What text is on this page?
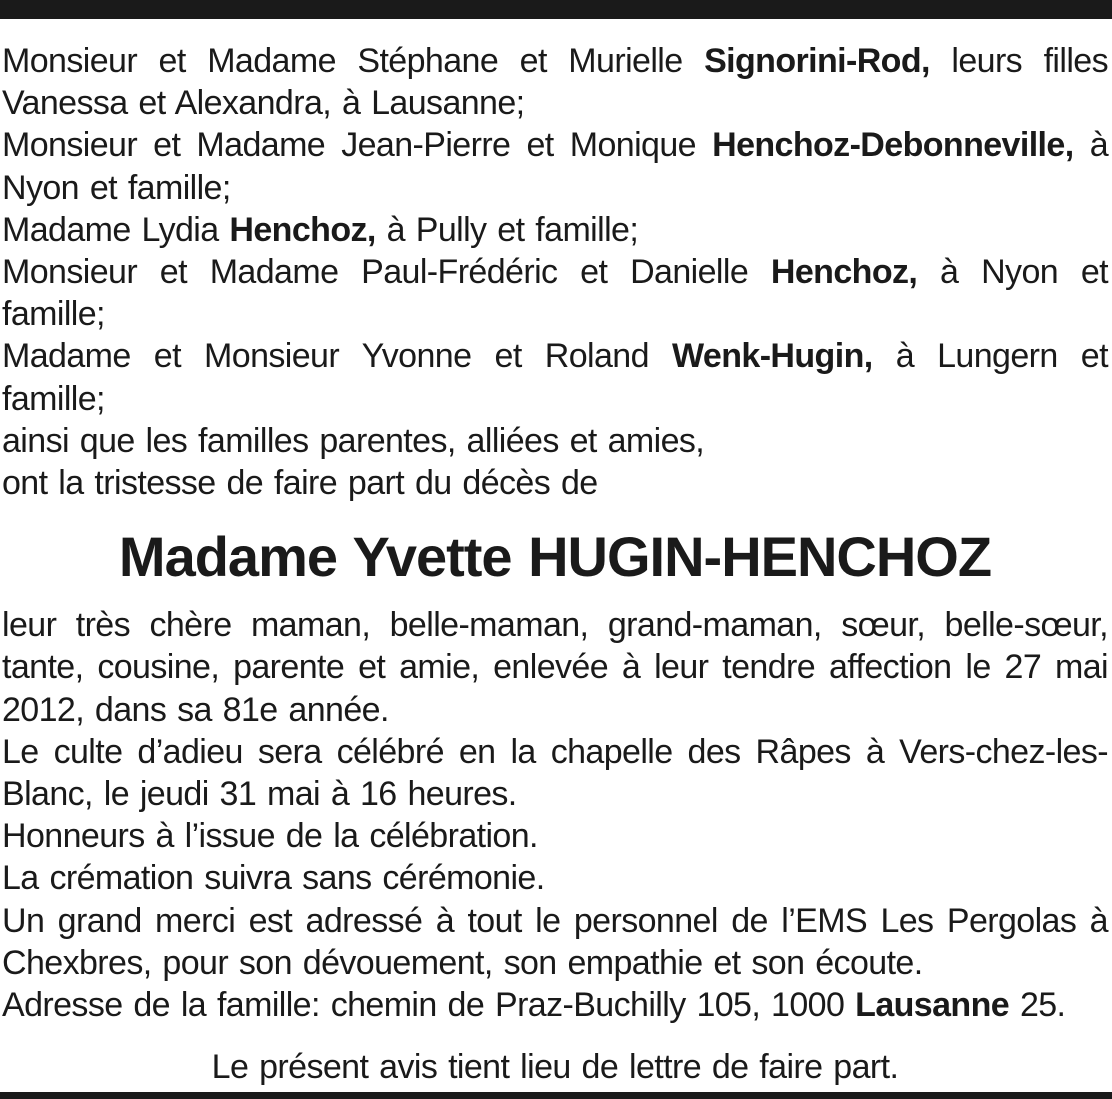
Monsieur et Madame Stéphane et Murielle Signorini-Rod, leurs filles Vanessa et Alexandra, à Lausanne;

Monsieur et Madame Jean-Pierre et Monique Henchoz-Debonneville, à Nyon et famille;

Madame Lydia Henchoz, à Pully et famille;

Monsieur et Madame Paul-Frédéric et Danielle Henchoz, à Nyon et famille;

Madame et Monsieur Yvonne et Roland Wenk-Hugin, à Lungern et famille;

ainsi que les familles parentes, alliées et amies,

ont la tristesse de faire part du décès de

Madame Yvette HUGIN-HENCHOZ

leur très chère maman, belle-maman, grand-maman, sœur, belle-sœur, tante, cousine, parente et amie, enlevée à leur tendre affection le 27 mai 2012, dans sa 81e année.

Le culte d’adieu sera célébré en la chapelle des Râpes à Vers-chez-les-Blanc, le jeudi 31 mai à 16 heures.

Honneurs à l’issue de la célébration.

La crémation suivra sans cérémonie.

Un grand merci est adressé à tout le personnel de l’EMS Les Pergolas à Chexbres, pour son dévouement, son empathie et son écoute.

Adresse de la famille: chemin de Praz-Buchilly 105, 1000 Lausanne 25.

Le présent avis tient lieu de lettre de faire part.
